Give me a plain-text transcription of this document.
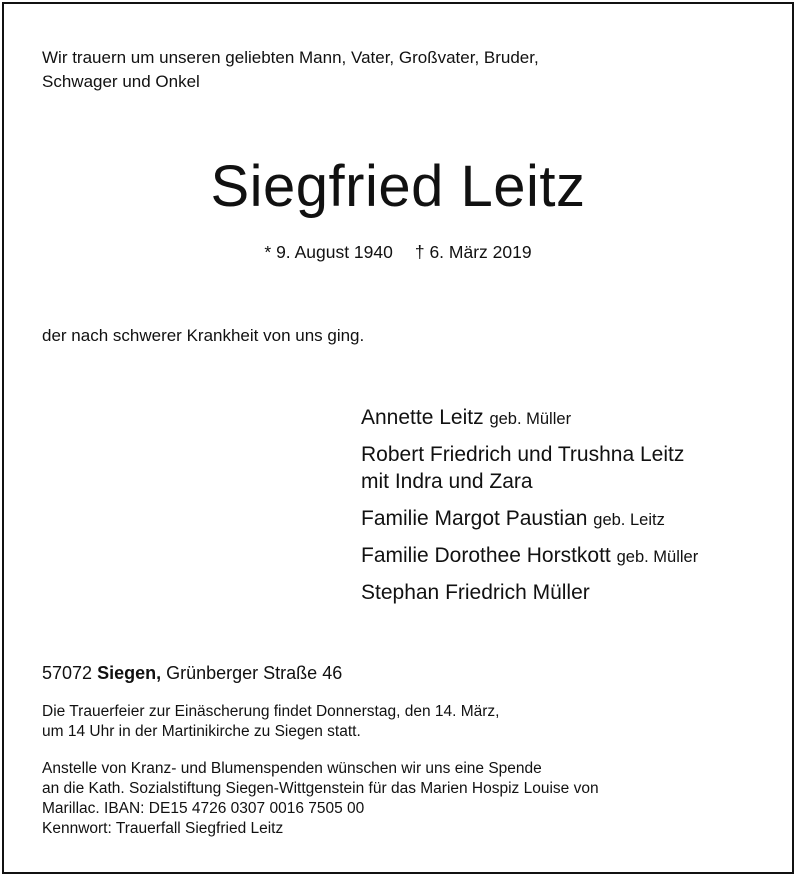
Wir trauern um unseren geliebten Mann, Vater, Großvater, Bruder,
Schwager und Onkel

Siegfried Leitz

* 9. August 1940 † 6. März 2019

der nach schwerer Krankheit von uns ging.

Annette Leitz geb. Müller
Robert Friedrich und Trushna Leitz
mit Indra und Zara
Familie Margot Paustian geb. Leitz
Familie Dorothee Horstkott geb. Müller
Stephan Friedrich Müller

57072 Siegen, Grünberger Straße 46

Die Trauerfeier zur Einäscherung findet Donnerstag, den 14. März,
um 14 Uhr in der Martinikirche zu Siegen statt.

Anstelle von Kranz- und Blumenspenden wünschen wir uns eine Spende
an die Kath. Sozialstiftung Siegen-Wittgenstein für das Marien Hospiz Louise von
Marillac. IBAN: DE15 4726 0307 0016 7505 00
Kennwort: Trauerfall Siegfried Leitz
